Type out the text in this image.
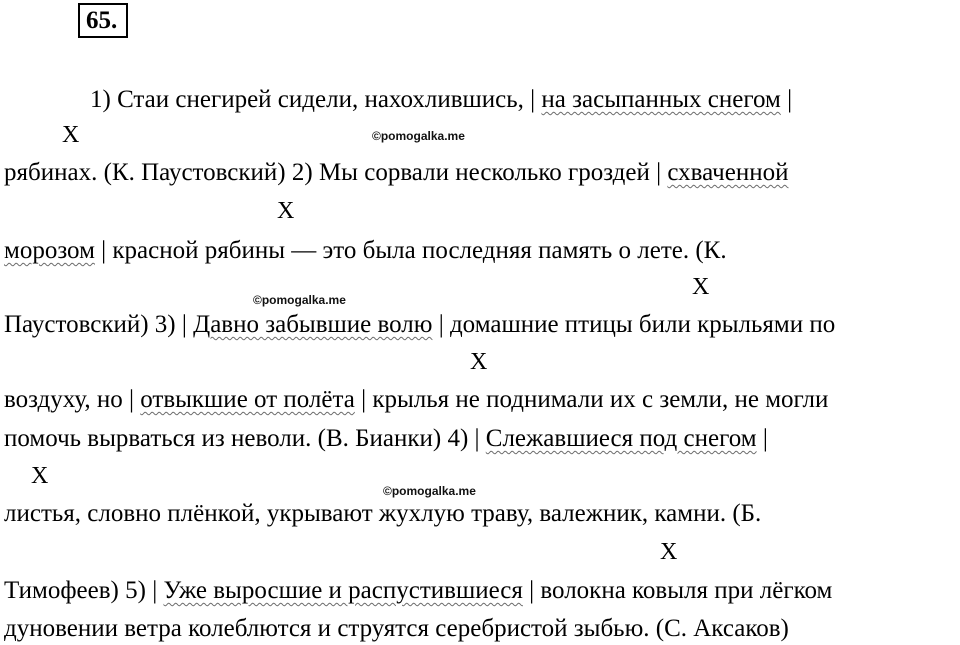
65.
1) Стаи снегирей сидели, нахохлившись, | на засыпанных снегом |
X	©pomogalka.me
рябинах. (К. Паустовский) 2) Мы сорвали несколько гроздей | схваченной
X
морозом | красной рябины — это была последняя память о лете. (К.
X
©pomogalka.me
Паустовский) 3) | Давно забывшие волю | домашние птицы били крыльями по
X
воздуху, но | отвыкшие от полёта | крылья не поднимали их с земли, не могли
помочь вырваться из неволи. (В. Бианки) 4) | Слежавшиеся под снегом |
X
©pomogalka.me
листья, словно плёнкой, укрывают жухлую траву, валежник, камни. (Б.
X
Тимофеев) 5) | Уже выросшие и распустившиеся | волокна ковыля при лёгком
дуновении ветра колеблются и струятся серебристой зыбью. (С. Аксаков)
